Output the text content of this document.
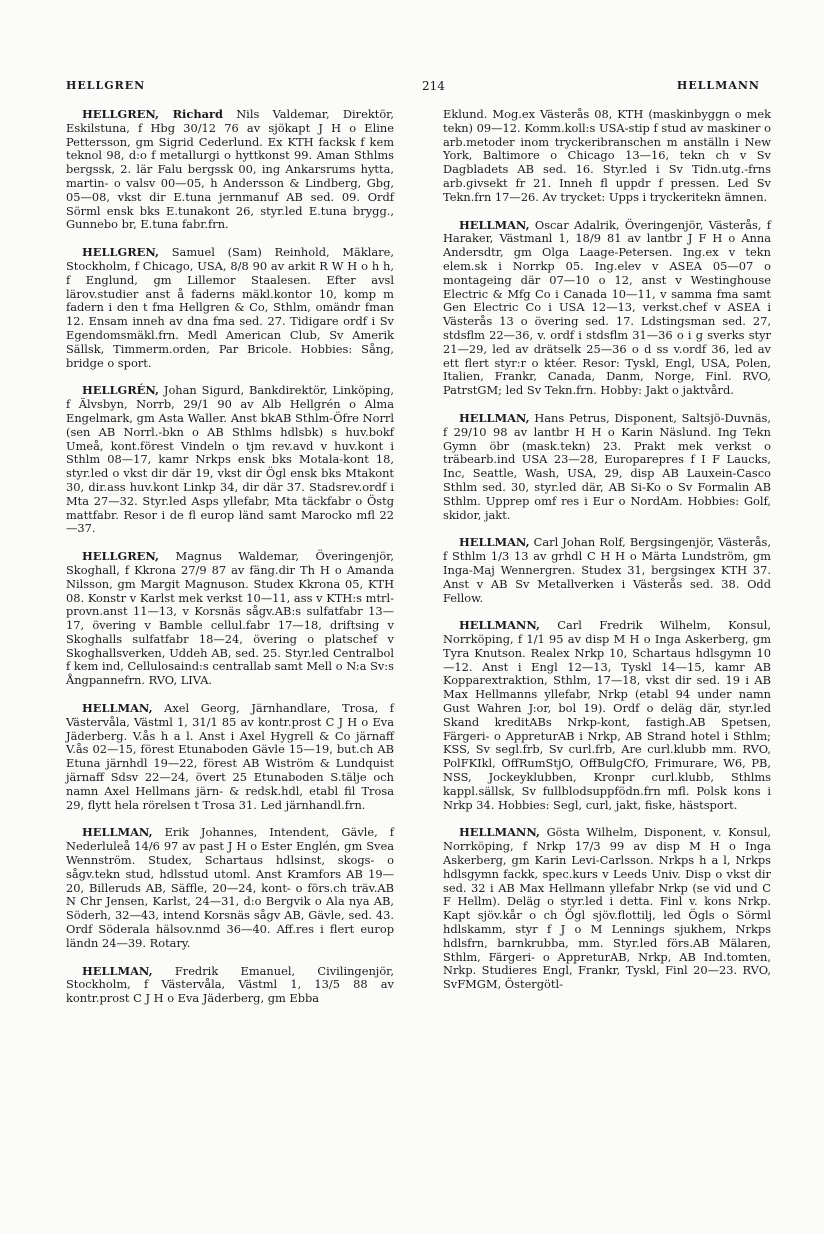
HELLGREN	214	HELLMANN

HELLGREN, Richard Nils Valdemar, Direktör, Eskilstuna, f Hbg 30/12 76 av sjökapt J H o Eline Pettersson, gm Sigrid Cederlund. Ex KTH facksk f kem teknol 98, d:o f metallurgi o hyttkonst 99. Aman Sthlms bergssk, 2. lär Falu bergssk 00, ing Ankarsrums hytta, martin- o valsv 00—05, h Andersson & Lindberg, Gbg, 05—08, vkst dir E.tuna jernmanuf AB sed. 09. Ordf Sörml ensk bks E.tunakont 26, styr.led E.tuna brygg., Gunnebo br, E.tuna fabr.frn.

HELLGREN, Samuel (Sam) Reinhold, Mäklare, Stockholm, f Chicago, USA, 8/8 90 av arkit R W H o h h, f Englund, gm Lillemor Staalesen. Efter avsl lärov.studier anst å faderns mäkl.kontor 10, komp m fadern i den t fma Hellgren & Co, Sthlm, omändr fman 12. Ensam inneh av dna fma sed. 27. Tidigare ordf i Sv Egendomsmäkl.frn. Medl American Club, Sv Amerik Sällsk, Timmerm.orden, Par Bricole. Hobbies: Sång, bridge o sport.

HELLGRÉN, Johan Sigurd, Bankdirektör, Linköping, f Älvsbyn, Norrb, 29/1 90 av Alb Hellgrén o Alma Engelmark, gm Asta Waller. Anst bkAB Sthlm-Öfre Norrl (sen AB Norrl.-bkn o AB Sthlms hdlsbk) s huv.bokf Umeå, kont.förest Vindeln o tjm rev.avd v huv.kont i Sthlm 08—17, kamr Nrkps ensk bks Motala-kont 18, styr.led o vkst dir där 19, vkst dir Ögl ensk bks Mtakont 30, dir.ass huv.kont Linkp 34, dir där 37. Stadsrev.ordf i Mta 27—32. Styr.led Asps yllefabr, Mta täckfabr o Östg mattfabr. Resor i de fl europ länd samt Marocko mfl 22—37.

HELLGREN, Magnus Waldemar, Överingenjör, Skoghall, f Kkrona 27/9 87 av fäng.dir Th H o Amanda Nilsson, gm Margit Magnuson. Studex Kkrona 05, KTH 08. Konstr v Karlst mek verkst 10—11, ass v KTH:s mtrl-provn.anst 11—13, v Korsnäs sågv.AB:s sulfatfabr 13—17, övering v Bamble cellul.fabr 17—18, driftsing v Skoghalls sulfatfabr 18—24, övering o platschef v Skoghallsverken, Uddeh AB, sed. 25. Styr.led Centralbol f kem ind, Cellulosaind:s centrallab samt Mell o N:a Sv:s Ångpannefrn. RVO, LIVA.

HELLMAN, Axel Georg, Järnhandlare, Trosa, f Västervåla, Västml 1, 31/1 85 av kontr.prost C J H o Eva Jäderberg. V.ås h a l. Anst i Axel Hygrell & Co järnaff V.ås 02—15, förest Etunaboden Gävle 15—19, but.ch AB Etuna järnhdl 19—22, förest AB Wiström & Lundquist järnaff Sdsv 22—24, övert 25 Etunaboden S.tälje och namn Axel Hellmans järn- & redsk.hdl, etabl fil Trosa 29, flytt hela rörelsen t Trosa 31. Led järnhandl.frn.

HELLMAN, Erik Johannes, Intendent, Gävle, f Nederluleå 14/6 97 av past J H o Ester Englén, gm Svea Wennström. Studex, Schartaus hdlsinst, skogs- o sågv.tekn stud, hdlsstud utoml. Anst Kramfors AB 19—20, Billeruds AB, Säffle, 20—24, kont- o förs.ch träv.AB N Chr Jensen, Karlst, 24—31, d:o Bergvik o Ala nya AB, Söderh, 32—43, intend Korsnäs sågv AB, Gävle, sed. 43. Ordf Söderala hälsov.nmd 36—40. Aff.res i flert europ ländn 24—39. Rotary.

HELLMAN, Fredrik Emanuel, Civilingenjör, Stockholm, f Västervåla, Västml 1, 13/5 88 av kontr.prost C J H o Eva Jäderberg, gm Ebba

Eklund. Mog.ex Västerås 08, KTH (maskinbyggn o mek tekn) 09—12. Komm.koll:s USA-stip f stud av maskiner o arb.metoder inom tryckeribranschen m anställn i New York, Baltimore o Chicago 13—16, tekn ch v Sv Dagbladets AB sed. 16. Styr.led i Sv Tidn.utg.-frns arb.givsekt fr 21. Inneh fl uppdr f pressen. Led Sv Tekn.frn 17—26. Av trycket: Upps i tryckeritekn ämnen.

HELLMAN, Oscar Adalrik, Överingenjör, Västerås, f Haraker, Västmanl 1, 18/9 81 av lantbr J F H o Anna Andersdtr, gm Olga Laage-Petersen. Ing.ex v tekn elem.sk i Norrkp 05. Ing.elev v ASEA 05—07 o montageing där 07—10 o 12, anst v Westinghouse Electric & Mfg Co i Canada 10—11, v samma fma samt Gen Electric Co i USA 12—13, verkst.chef v ASEA i Västerås 13 o övering sed. 17. Ldstingsman sed. 27, stdsflm 22—36, v. ordf i stdsflm 31—36 o i g sverks styr 21—29, led av drätselk 25—36 o d ss v.ordf 36, led av ett flert styr:r o ktéer. Resor: Tyskl, Engl, USA, Polen, Italien, Frankr, Canada, Danm, Norge, Finl. RVO, PatrstGM; led Sv Tekn.frn. Hobby: Jakt o jaktvård.

HELLMAN, Hans Petrus, Disponent, Saltsjö-Duvnäs, f 29/10 98 av lantbr H H o Karin Näslund. Ing Tekn Gymn öbr (mask.tekn) 23. Prakt mek verkst o träbearb.ind USA 23—28, Europarepres f I F Laucks, Inc, Seattle, Wash, USA, 29, disp AB Lauxein-Casco Sthlm sed. 30, styr.led där, AB Si-Ko o Sv Formalin AB Sthlm. Upprep omf res i Eur o NordAm. Hobbies: Golf, skidor, jakt.

HELLMAN, Carl Johan Rolf, Bergsingenjör, Västerås, f Sthlm 1/3 13 av grhdl C H H o Märta Lundström, gm Inga-Maj Wennergren. Studex 31, bergsingex KTH 37. Anst v AB Sv Metallverken i Västerås sed. 38. Odd Fellow.

HELLMANN, Carl Fredrik Wilhelm, Konsul, Norrköping, f 1/1 95 av disp M H o Inga Askerberg, gm Tyra Knutson. Realex Nrkp 10, Schartaus hdlsgymn 10—12. Anst i Engl 12—13, Tyskl 14—15, kamr AB Kopparextraktion, Sthlm, 17—18, vkst dir sed. 19 i AB Max Hellmanns yllefabr, Nrkp (etabl 94 under namn Gust Wahren J:or, bol 19). Ordf o deläg där, styr.led Skand kreditABs Nrkp-kont, fastigh.AB Spetsen, Färgeri- o AppreturAB i Nrkp, AB Strand hotel i Sthlm; KSS, Sv segl.frb, Sv curl.frb, Are curl.klubb mm. RVO, PolFKIkl, OffRumStjO, OffBulgCfO, Frimurare, W6, PB, NSS, Jockeyklubben, Kronpr curl.klubb, Sthlms kappl.sällsk, Sv fullblodsuppfödn.frn mfl. Polsk kons i Nrkp 34. Hobbies: Segl, curl, jakt, fiske, hästsport.

HELLMANN, Gösta Wilhelm, Disponent, v. Konsul, Norrköping, f Nrkp 17/3 99 av disp M H o Inga Askerberg, gm Karin Levi-Carlsson. Nrkps h a l, Nrkps hdlsgymn fackk, spec.kurs v Leeds Univ. Disp o vkst dir sed. 32 i AB Max Hellmann yllefabr Nrkp (se vid und C F Hellm). Deläg o styr.led i detta. Finl v. kons Nrkp. Kapt sjöv.kår o ch Ögl sjöv.flottilj, led Ögls o Sörml hdlskamm, styr f J o M Lennings sjukhem, Nrkps hdlsfrn, barnkrubba, mm. Styr.led förs.AB Mälaren, Sthlm, Färgeri- o AppreturAB, Nrkp, AB Ind.tomten, Nrkp. Studieres Engl, Frankr, Tyskl, Finl 20—23. RVO, SvFMGM, Östergötl-
